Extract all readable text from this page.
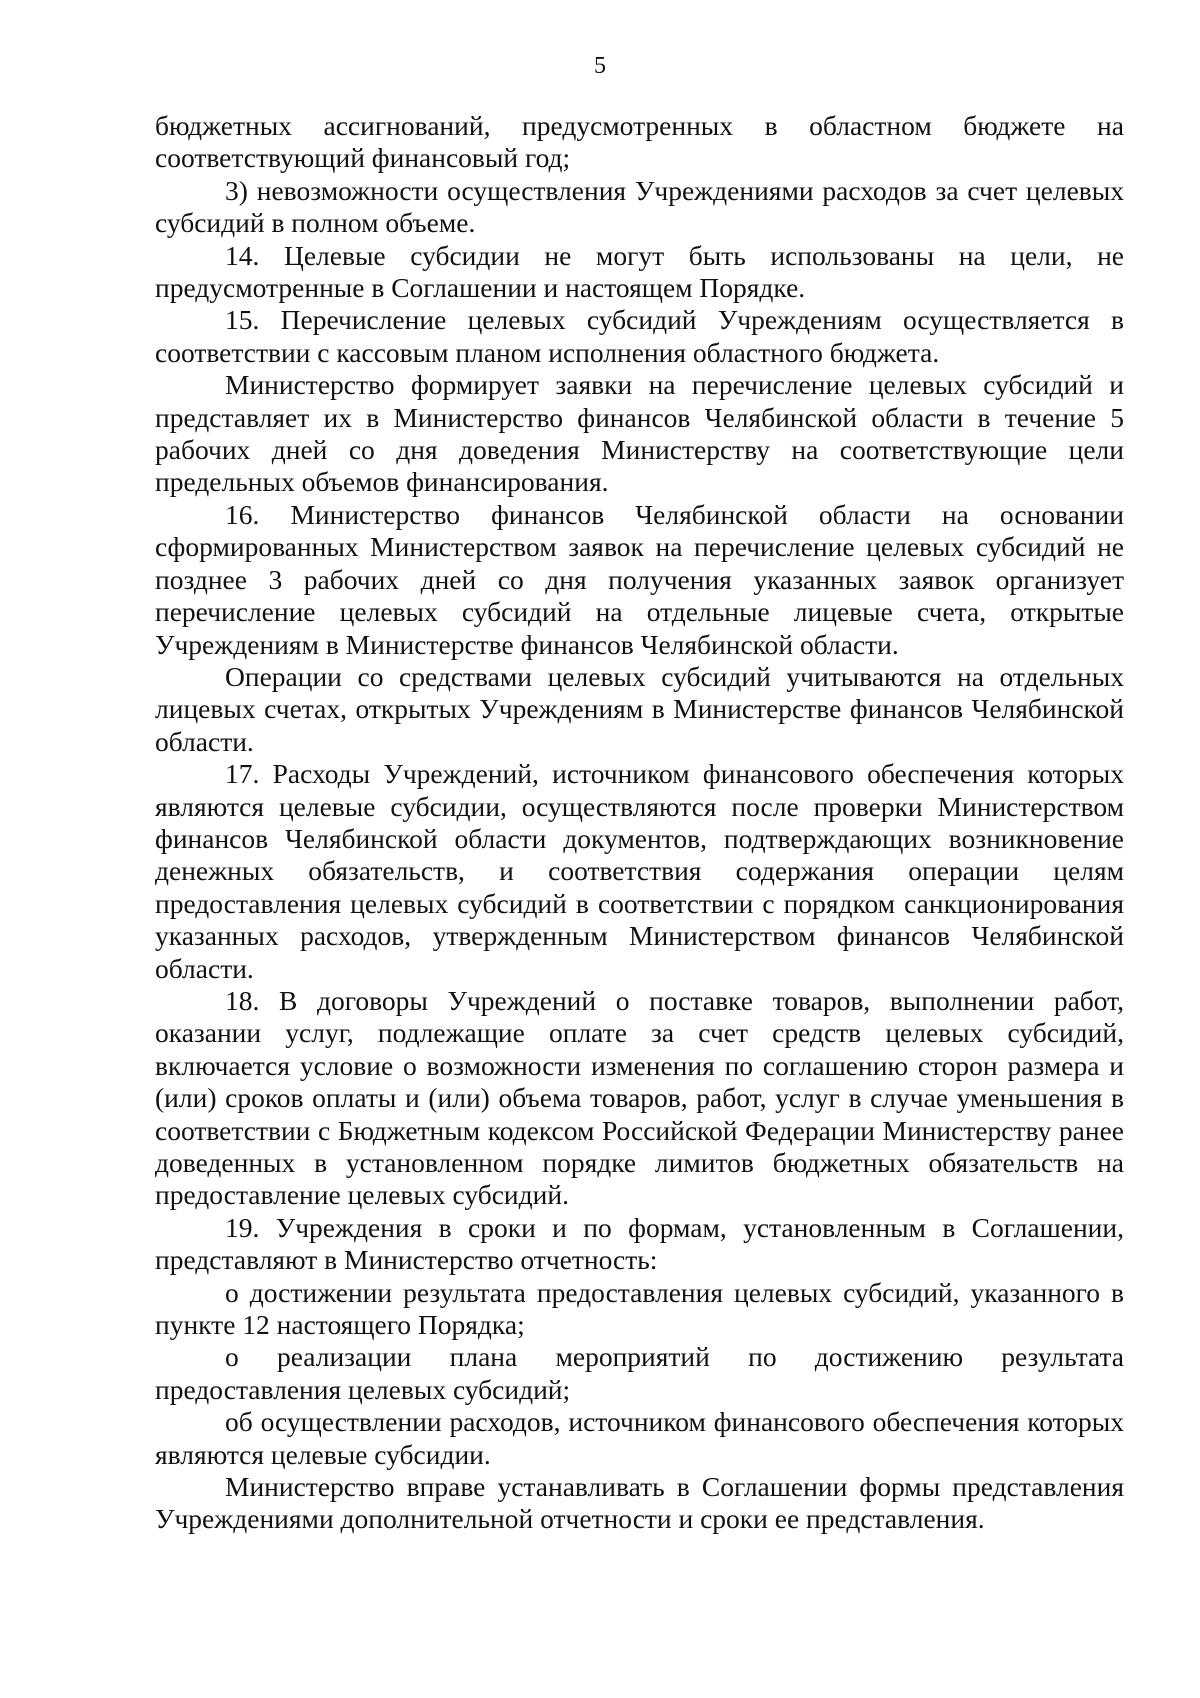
5

бюджетных ассигнований, предусмотренных в областном бюджете на соответствующий финансовый год;

3) невозможности осуществления Учреждениями расходов за счет целевых субсидий в полном объеме.

14. Целевые субсидии не могут быть использованы на цели, не предусмотренные в Соглашении и настоящем Порядке.

15. Перечисление целевых субсидий Учреждениям осуществляется в соответствии с кассовым планом исполнения областного бюджета.

Министерство формирует заявки на перечисление целевых субсидий и представляет их в Министерство финансов Челябинской области в течение 5 рабочих дней со дня доведения Министерству на соответствующие цели предельных объемов финансирования.

16. Министерство финансов Челябинской области на основании сформированных Министерством заявок на перечисление целевых субсидий не позднее 3 рабочих дней со дня получения указанных заявок организует перечисление целевых субсидий на отдельные лицевые счета, открытые Учреждениям в Министерстве финансов Челябинской области.

Операции со средствами целевых субсидий учитываются на отдельных лицевых счетах, открытых Учреждениям в Министерстве финансов Челябинской области.

17. Расходы Учреждений, источником финансового обеспечения которых являются целевые субсидии, осуществляются после проверки Министерством финансов Челябинской области документов, подтверждающих возникновение денежных обязательств, и соответствия содержания операции целям предоставления целевых субсидий в соответствии с порядком санкционирования указанных расходов, утвержденным Министерством финансов Челябинской области.

18. В договоры Учреждений о поставке товаров, выполнении работ, оказании услуг, подлежащие оплате за счет средств целевых субсидий, включается условие о возможности изменения по соглашению сторон размера и (или) сроков оплаты и (или) объема товаров, работ, услуг в случае уменьшения в соответствии с Бюджетным кодексом Российской Федерации Министерству ранее доведенных в установленном порядке лимитов бюджетных обязательств на предоставление целевых субсидий.

19. Учреждения в сроки и по формам, установленным в Соглашении, представляют в Министерство отчетность:

о достижении результата предоставления целевых субсидий, указанного в пункте 12 настоящего Порядка;

о реализации плана мероприятий по достижению результата предоставления целевых субсидий;

об осуществлении расходов, источником финансового обеспечения которых являются целевые субсидии.

Министерство вправе устанавливать в Соглашении формы представления Учреждениями дополнительной отчетности и сроки ее представления.
